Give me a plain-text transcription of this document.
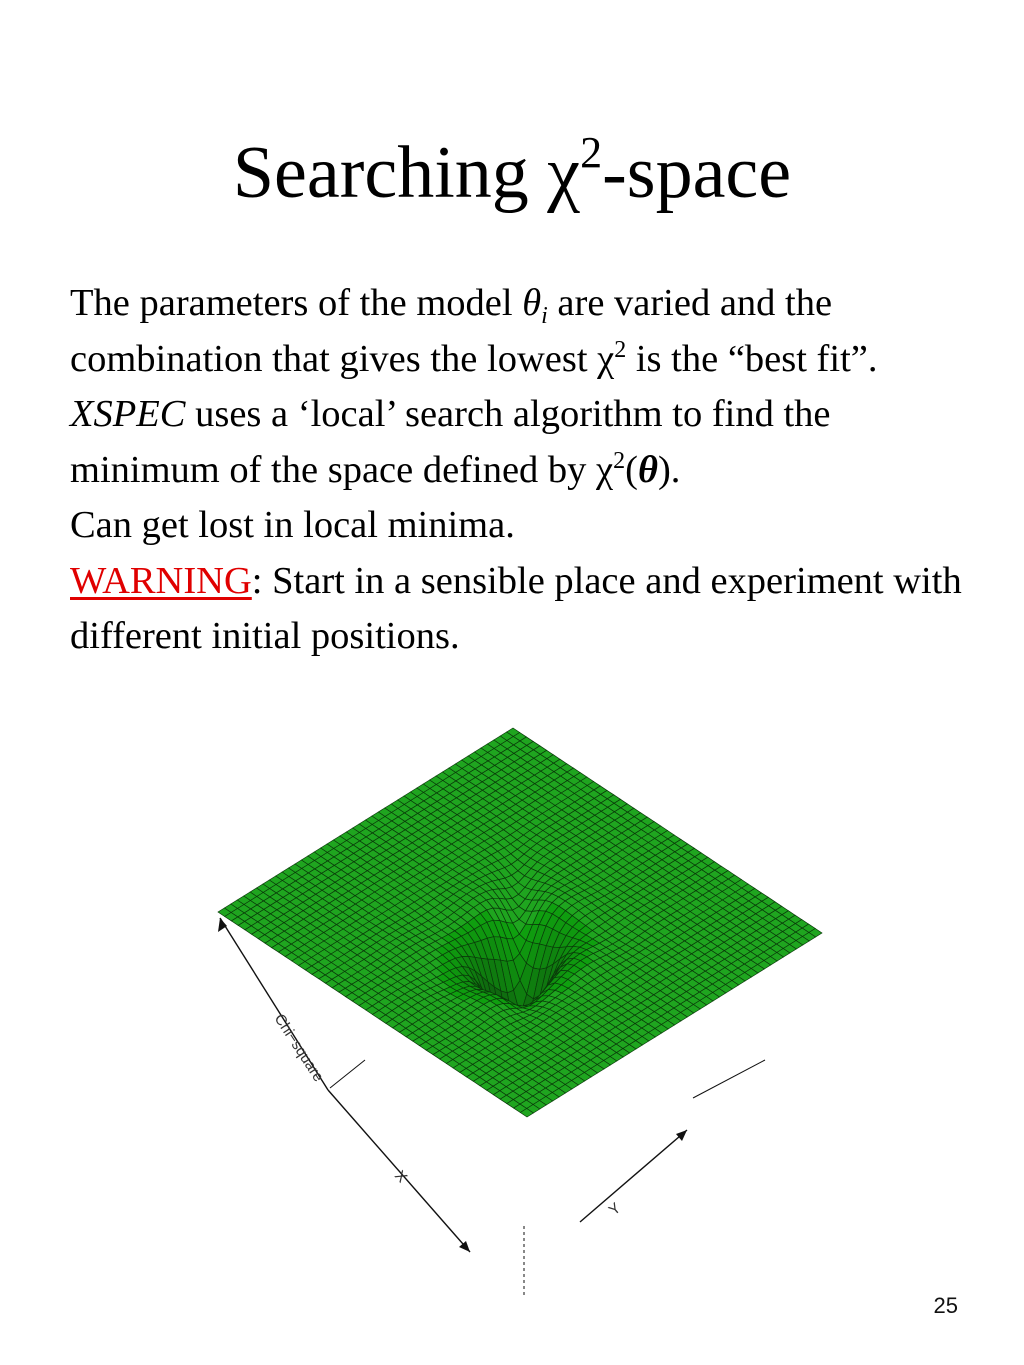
Searching $\chi^2$-space

The parameters of the model $\theta_i$ are varied and the combination that gives the lowest $\chi^2$ is the “best fit”.

XSPEC uses a ‘local’ search algorithm to find the minimum of the space defined by $\chi^2(\theta)$.

Can get lost in local minima.

WARNING: Start in a sensible place and experiment with different initial positions.

Chi−square
X
Y
25
